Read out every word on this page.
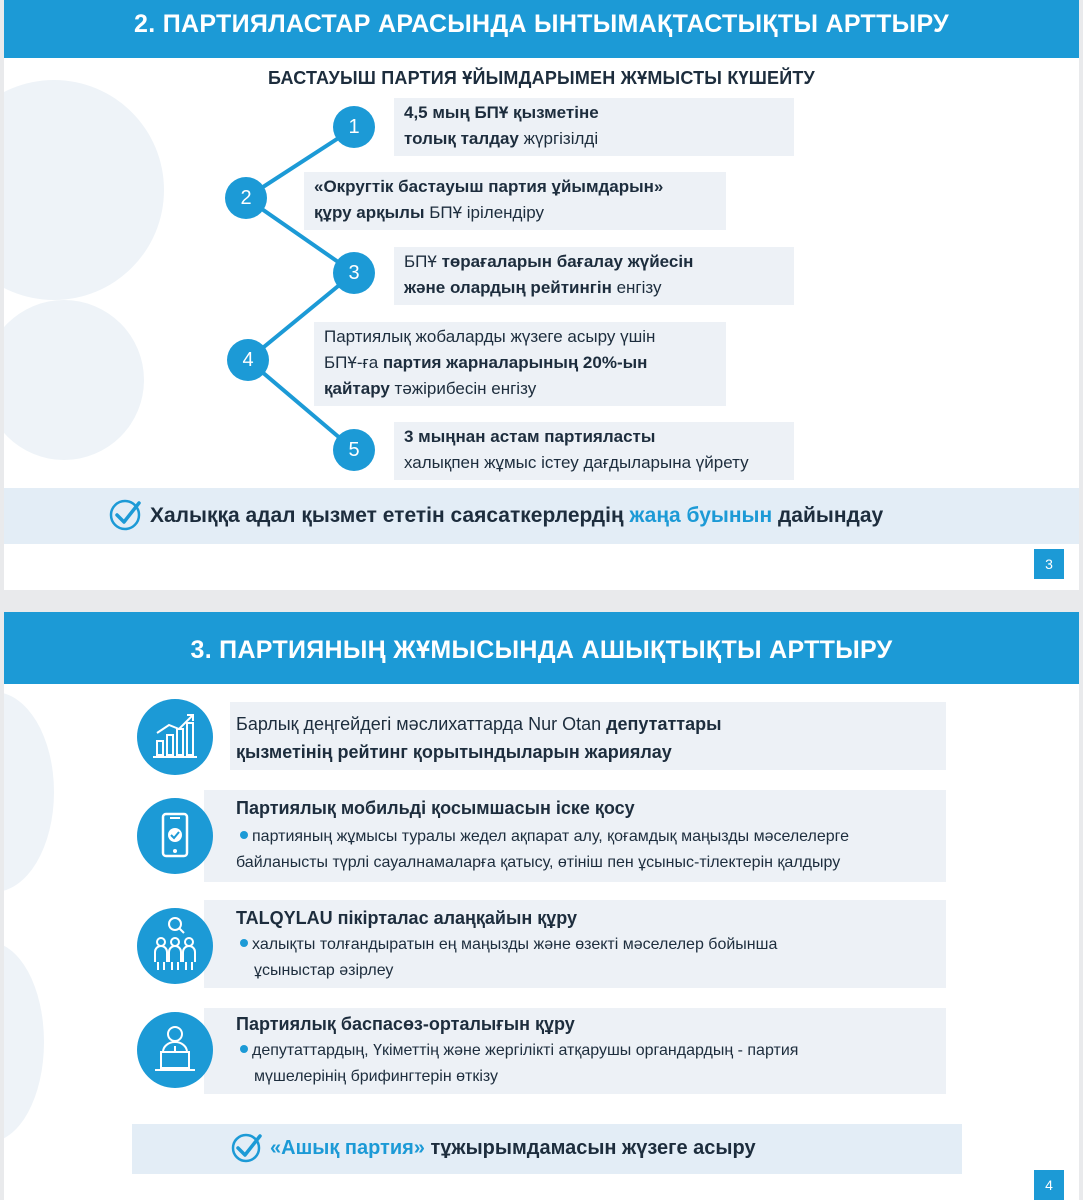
2. ПАРТИЯЛАСТАР АРАСЫНДА ЫНТЫМАҚТАСТЫҚТЫ АРТТЫРУ
БАСТАУЫШ ПАРТИЯ ҰЙЫМДАРЫМЕН ЖҰМЫСТЫ КҮШЕЙТУ
4,5 мың БПҰ қызметіне
толық талдау жүргізілді
1
«Округтік бастауыш партия ұйымдарын»
құру арқылы БПҰ ірілендіру
2
БПҰ төрағаларын бағалау жүйесін
және олардың рейтингін енгізу
3
Партиялық жобаларды жүзеге асыру үшін
БПҰ-ға партия жарналарының 20%-ын
қайтару тәжірибесін енгізу
4
3 мыңнан астам партияласты
халықпен жұмыс істеу дағдыларына үйрету
5
Халыққа адал қызмет ететін саясаткерлердің жаңа буынын дайындау
3
3. ПАРТИЯНЫҢ ЖҰМЫСЫНДА АШЫҚТЫҚТЫ АРТТЫРУ
Барлық деңгейдегі мәслихаттарда Nur Otan депутаттары
қызметінің рейтинг қорытындыларын жариялау
Партиялық мобильді қосымшасын іске қосу
партияның жұмысы туралы жедел ақпарат алу, қоғамдық маңызды мәселелерге
байланысты түрлі сауалнамаларға қатысу, өтініш пен ұсыныс-тілектерін қалдыру
TALQYLAU пікірталас алаңқайын құру
халықты толғандыратын ең маңызды және өзекті мәселелер бойынша
ұсыныстар әзірлеу
Партиялық баспасөз-орталығын құру
депутаттардың, Үкіметтің және жергілікті атқарушы органдардың - партия
мүшелерінің брифингтерін өткізу
«Ашық партия» тұжырымдамасын жүзеге асыру
4
